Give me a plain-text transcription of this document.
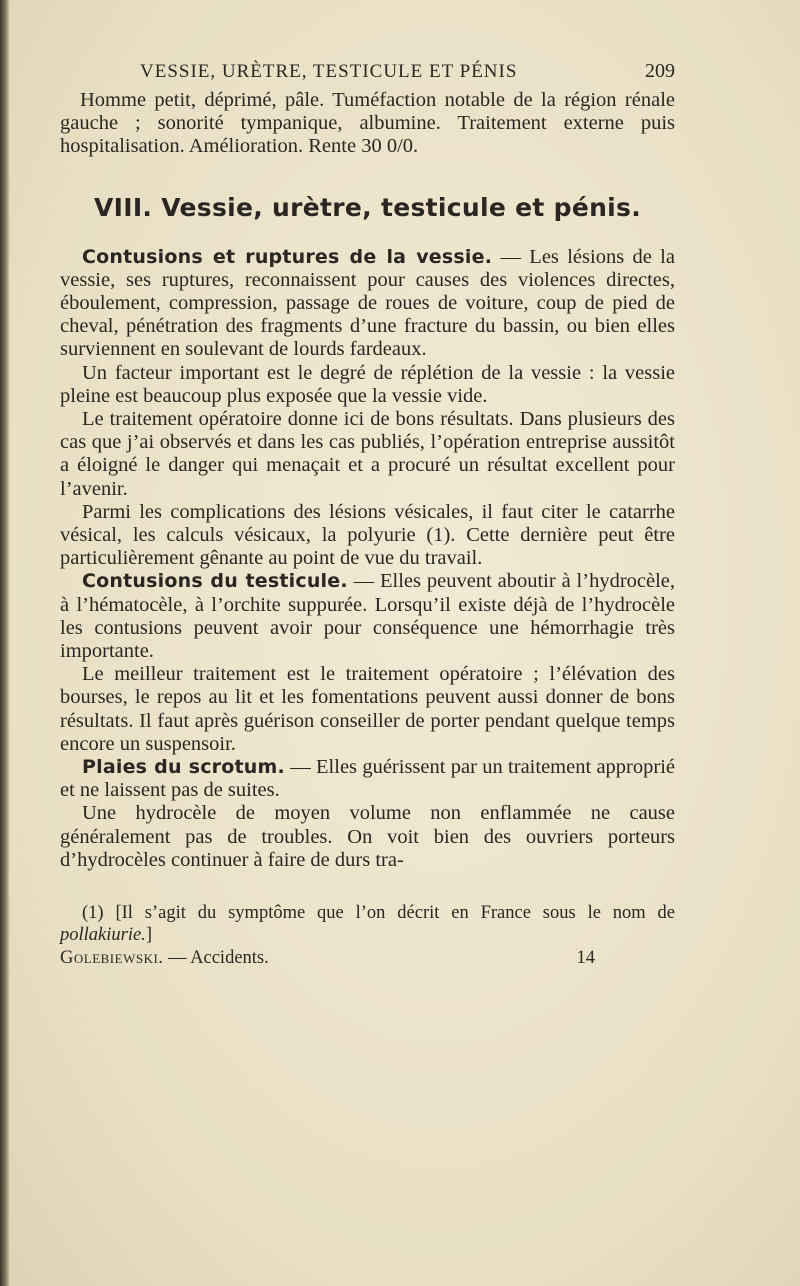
VESSIE, URÈTRE, TESTICULE ET PÉNIS	209

Homme petit, déprimé, pâle. Tuméfaction notable de la région rénale gauche ; sonorité tympanique, albumine. Traitement externe puis hospitalisation. Amélioration. Rente 30 0/0.

VIII. Vessie, urètre, testicule et pénis.

Contusions et ruptures de la vessie. — Les lésions de la vessie, ses ruptures, reconnaissent pour causes des violences directes, éboulement, compression, passage de roues de voiture, coup de pied de cheval, pénétration des fragments d’une fracture du bassin, ou bien elles surviennent en soulevant de lourds fardeaux.

Un facteur important est le degré de réplétion de la vessie : la vessie pleine est beaucoup plus exposée que la vessie vide.

Le traitement opératoire donne ici de bons résultats. Dans plusieurs des cas que j’ai observés et dans les cas publiés, l’opération entreprise aussitôt a éloigné le danger qui menaçait et a procuré un résultat excellent pour l’avenir.

Parmi les complications des lésions vésicales, il faut citer le catarrhe vésical, les calculs vésicaux, la polyurie (1). Cette dernière peut être particulièrement gênante au point de vue du travail.

Contusions du testicule. — Elles peuvent aboutir à l’hydrocèle, à l’hématocèle, à l’orchite suppurée. Lorsqu’il existe déjà de l’hydrocèle les contusions peuvent avoir pour conséquence une hémorrhagie très importante.

Le meilleur traitement est le traitement opératoire ; l’élévation des bourses, le repos au lit et les fomentations peuvent aussi donner de bons résultats. Il faut après guérison conseiller de porter pendant quelque temps encore un suspensoir.

Plaies du scrotum. — Elles guérissent par un traitement approprié et ne laissent pas de suites.

Une hydrocèle de moyen volume non enflammée ne cause généralement pas de troubles. On voit bien des ouvriers porteurs d’hydrocèles continuer à faire de durs tra-

(1) [Il s’agit du symptôme que l’on décrit en France sous le nom de pollakiurie.]

Golebiewski. — Accidents.	14
